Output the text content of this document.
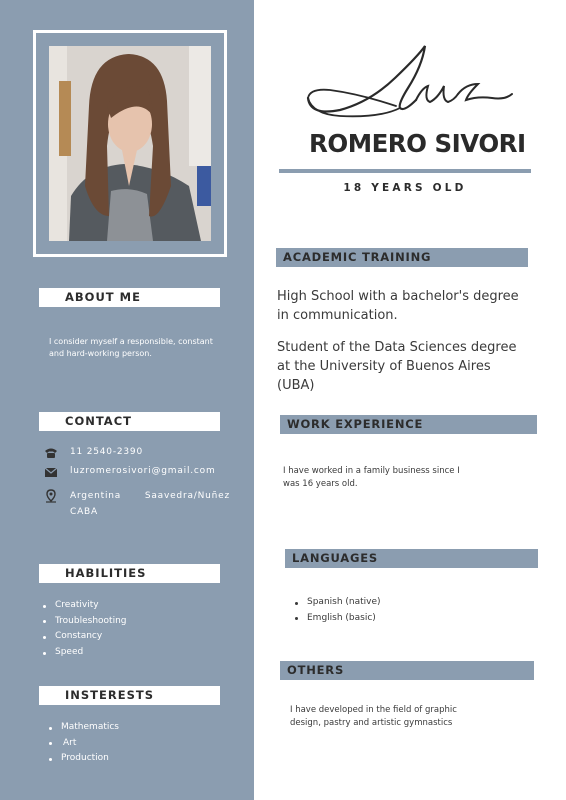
ABOUT ME
I consider myself a responsible, constant and hard-working person.
CONTACT
11 2540-2390
luzromerosivori@gmail.com
Argentina Saavedra/Nuñez CABA
HABILITIES
Creativity
Troubleshooting
Constancy
Speed
INSTERESTS
Mathematics
Art
Production
ROMERO SIVORI
18 YEARS OLD
ACADEMIC TRAINING
High School with a bachelor's degree in communication.
Student of the Data Sciences degree at the University of Buenos Aires (UBA)
WORK EXPERIENCE
I have worked in a family business since I was 16 years old.
LANGUAGES
Spanish (native)
Emglish (basic)
OTHERS
I have developed in the field of graphic design, pastry and artistic gymnastics
